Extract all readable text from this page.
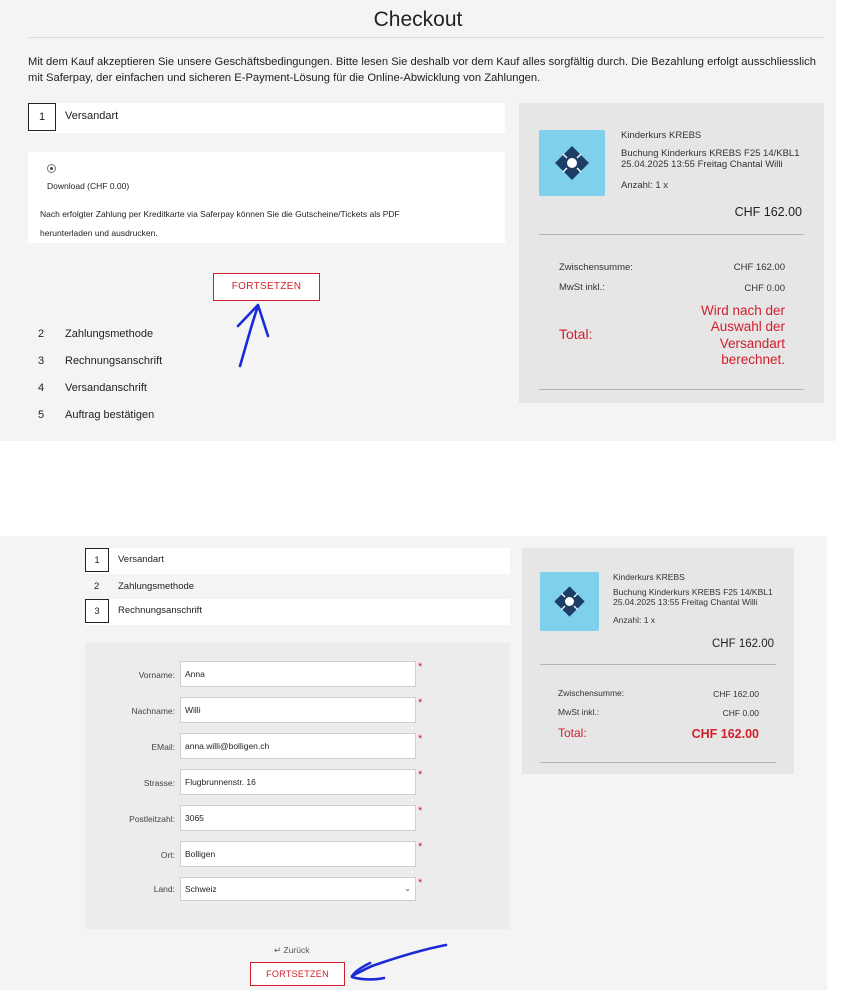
Checkout
Mit dem Kauf akzeptieren Sie unsere Geschäftsbedingungen. Bitte lesen Sie deshalb vor dem Kauf alles sorgfältig durch. Die Bezahlung erfolgt ausschliesslich mit Saferpay, der einfachen und sicheren E-Payment-Lösung für die Online-Abwicklung von Zahlungen.
1	Versandart
Download (CHF 0.00)
Nach erfolgter Zahlung per Kreditkarte via Saferpay können Sie die Gutscheine/Tickets als PDF
herunterladen und ausdrucken.
FORTSETZEN
2 Zahlungsmethode
3 Rechnungsanschrift
4 Versandanschrift
5 Auftrag bestätigen
Kinderkurs KREBS
Buchung Kinderkurs KREBS F25 14/KBL1
25.04.2025 13:55 Freitag Chantal Willi
Anzahl: 1 x
CHF 162.00
Zwischensumme:	CHF 162.00
MwSt inkl.:	CHF 0.00
Total:
Wird nach der
Auswahl der
Versandart
berechnet.
1	Versandart
2 Zahlungsmethode
3	Rechnungsanschrift
Vorname:	Anna
*
Nachname:	Willi
*
EMail:	anna.willi@bolligen.ch
*
Strasse:	Flugbrunnenstr. 16
*
Postleitzahl:	3065
*
Ort:	Bolligen
*
Land:	Schweiz	⌄ *
↵ Zurück
FORTSETZEN
Kinderkurs KREBS
Buchung Kinderkurs KREBS F25 14/KBL1
25.04.2025 13:55 Freitag Chantal Willi
Anzahl: 1 x
CHF 162.00
Zwischensumme:	CHF 162.00
MwSt inkl.:	CHF 0.00
Total:	CHF 162.00
